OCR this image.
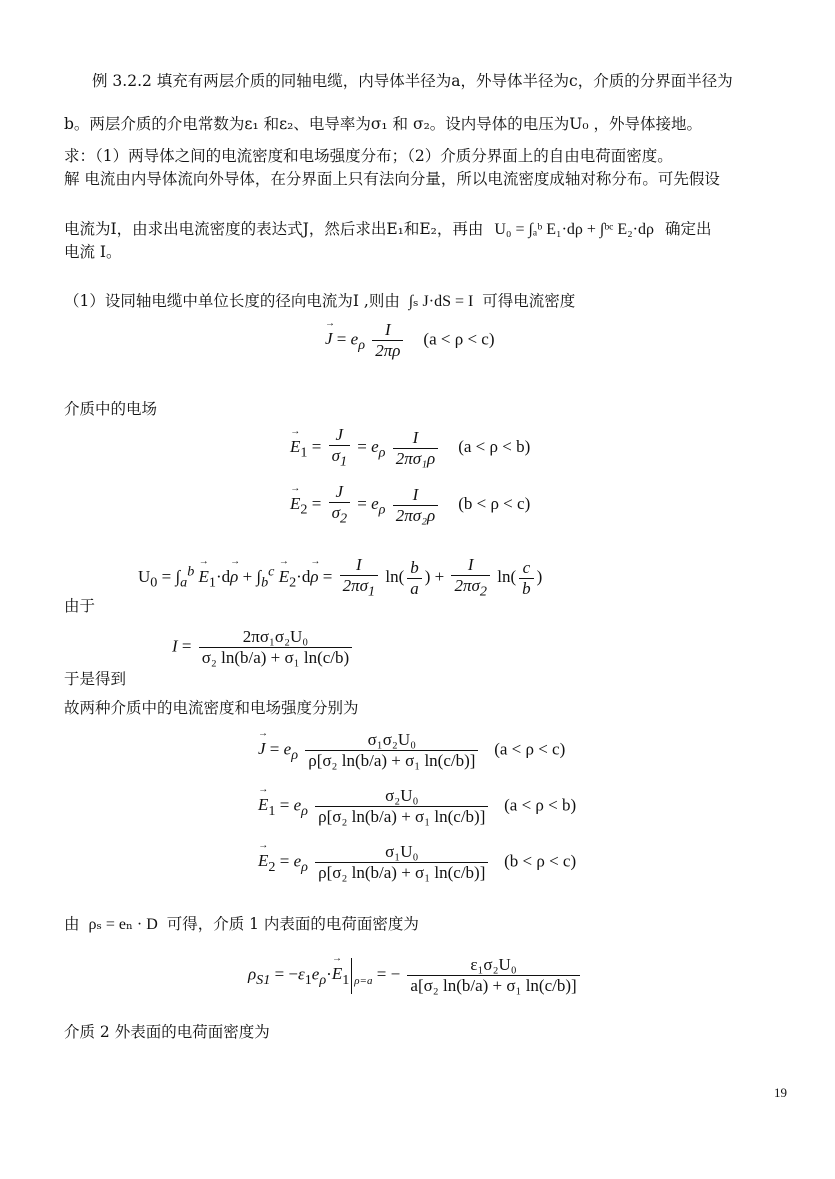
例 3.2.2 填充有两层介质的同轴电缆，内导体半径为a，外导体半径为c，介质的分界面半径为
b。两层介质的介电常数为ε₁ 和ε₂、电导率为σ₁ 和 σ₂。设内导体的电压为U₀ ，外导体接地。
求：（1）两导体之间的电流密度和电场强度分布；（2）介质分界面上的自由电荷面密度。
解 电流由内导体流向外导体，在分界面上只有法向分量，所以电流密度成轴对称分布。可先假设
电流为I，由求出电流密度的表达式J，然后求出E₁和E₂，再由 U₀ = ∫ₐᵇ E₁·dρ + ∫ᵇᶜ E₂·dρ 确定出
电流 I。
（1）设同轴电缆中单位长度的径向电流为I ,则由 ∫ₛ J·dS = I 可得电流密度
→ $J = e_\rho \frac{I}{2\pi\rho} (a < \rho < c)$
介质中的电场
→ $E_1 = \frac{J}{\sigma_1} = e_\rho \frac{I}{\text{2πσ₁ρ}} (a < \rho < b)$
→ $E_2 = \frac{J}{\sigma_2} = e_\rho \frac{I}{\text{2πσ₂ρ}} (b < \rho < c)$
$U_0 = \int_a^b \to E_1\cdot d\to \rho + \int_b^c \to E_2\cdot d\to \rho = \frac{I}{2\pi\sigma_1} \ln( \frac{b}{a}$ ) + $\frac{I}{2\pi\sigma_2} \ln( \frac{c}{b}$ )
由于
$I = \frac{\text{2πσ₁σ₂U₀}}{\text{σ₂ ln(b/a) + σ₁ ln(c/b)}}$
于是得到
故两种介质中的电流密度和电场强度分别为
→ $J = e_\rho \frac{\text{σ₁σ₂U₀}}{\text{ρ[σ₂ ln(b/a) + σ₁ ln(c/b)]}} (a < \rho < c)$
→ $E_1 = e_\rho \frac{\text{σ₂U₀}}{\text{ρ[σ₂ ln(b/a) + σ₁ ln(c/b)]}} (a < \rho < b)$
→ $E_2 = e_\rho \frac{\text{σ₁U₀}}{\text{ρ[σ₂ ln(b/a) + σ₁ ln(c/b)]}} (b < \rho < c)$
由 ρₛ = eₙ · D 可得，介质 1 内表面的电荷面密度为
$\rho_{S1} = -\varepsilon_1e_\rho\cdot\to E_1$ $_{\rho=a}$ = − $\frac{\text{ε₁σ₂U₀}}{\text{a[σ₂ ln(b/a) + σ₁ ln(c/b)]}}$
介质 2 外表面的电荷面密度为
19
